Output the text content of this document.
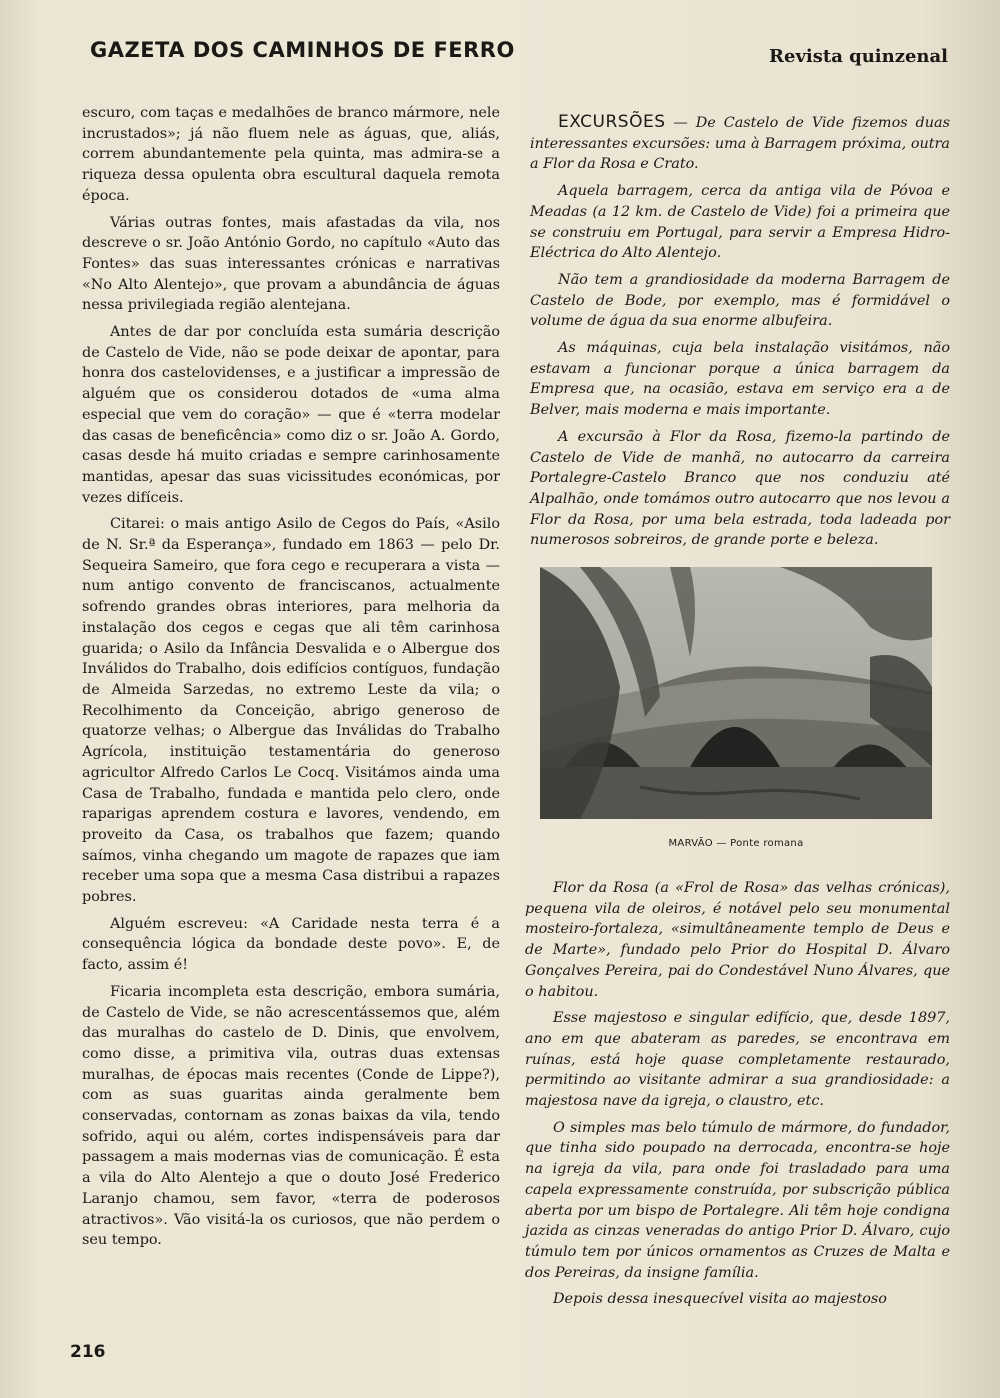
GAZETA DOS CAMINHOS DE FERRO	Revista quinzenal

escuro, com taças e medalhões de branco mármore, nele incrustados»; já não fluem nele as águas, que, aliás, correm abundantemente pela quinta, mas admira-se a riqueza dessa opulenta obra escultural daquela remota época.

Várias outras fontes, mais afastadas da vila, nos descreve o sr. João António Gordo, no capítulo «Auto das Fontes» das suas interessantes crónicas e narrativas «No Alto Alentejo», que provam a abundância de águas nessa privilegiada região alentejana.

Antes de dar por concluída esta sumária descrição de Castelo de Vide, não se pode deixar de apontar, para honra dos castelovidenses, e a justificar a impressão de alguém que os considerou dotados de «uma alma especial que vem do coração» — que é «terra modelar das casas de beneficência» como diz o sr. João A. Gordo, casas desde há muito criadas e sempre carinhosamente mantidas, apesar das suas vicissitudes económicas, por vezes difíceis.

Citarei: o mais antigo Asilo de Cegos do País, «Asilo de N. Sr.ª da Esperança», fundado em 1863 — pelo Dr. Sequeira Sameiro, que fora cego e recuperara a vista — num antigo convento de franciscanos, actualmente sofrendo grandes obras interiores, para melhoria da instalação dos cegos e cegas que ali têm carinhosa guarida; o Asilo da Infância Desvalida e o Albergue dos Inválidos do Trabalho, dois edifícios contíguos, fundação de Almeida Sarzedas, no extremo Leste da vila; o Recolhimento da Conceição, abrigo generoso de quatorze velhas; o Albergue das Inválidas do Trabalho Agrícola, instituição testamentária do generoso agricultor Alfredo Carlos Le Cocq. Visitámos ainda uma Casa de Trabalho, fundada e mantida pelo clero, onde raparigas aprendem costura e lavores, vendendo, em proveito da Casa, os trabalhos que fazem; quando saímos, vinha chegando um magote de rapazes que iam receber uma sopa que a mesma Casa distribui a rapazes pobres.

Alguém escreveu: «A Caridade nesta terra é a consequência lógica da bondade deste povo». E, de facto, assim é!

Ficaria incompleta esta descrição, embora sumária, de Castelo de Vide, se não acrescentássemos que, além das muralhas do castelo de D. Dinis, que envolvem, como disse, a primitiva vila, outras duas extensas muralhas, de épocas mais recentes (Conde de Lippe?), com as suas guaritas ainda geralmente bem conservadas, contornam as zonas baixas da vila, tendo sofrido, aqui ou além, cortes indispensáveis para dar passagem a mais modernas vias de comunicação. É esta a vila do Alto Alentejo a que o douto José Frederico Laranjo chamou, sem favor, «terra de poderosos atractivos». Vão visitá-la os curiosos, que não perdem o seu tempo.

EXCURSÕES — De Castelo de Vide fizemos duas interessantes excursões: uma à Barragem próxima, outra a Flor da Rosa e Crato.

Aquela barragem, cerca da antiga vila de Póvoa e Meadas (a 12 km. de Castelo de Vide) foi a primeira que se construiu em Portugal, para servir a Empresa Hidro-Eléctrica do Alto Alentejo.

Não tem a grandiosidade da moderna Barragem de Castelo de Bode, por exemplo, mas é formidável o volume de água da sua enorme albufeira.

As máquinas, cuja bela instalação visitámos, não estavam a funcionar porque a única barragem da Empresa que, na ocasião, estava em serviço era a de Belver, mais moderna e mais importante.

A excursão à Flor da Rosa, fizemo-la partindo de Castelo de Vide de manhã, no autocarro da carreira Portalegre-Castelo Branco que nos conduziu até Alpalhão, onde tomámos outro autocarro que nos levou a Flor da Rosa, por uma bela estrada, toda ladeada por numerosos sobreiros, de grande porte e beleza.

MARVÃO — Ponte romana

Flor da Rosa (a «Frol de Rosa» das velhas crónicas), pequena vila de oleiros, é notável pelo seu monumental mosteiro-fortaleza, «simultâneamente templo de Deus e de Marte», fundado pelo Prior do Hospital D. Álvaro Gonçalves Pereira, pai do Condestável Nuno Álvares, que o habitou.

Esse majestoso e singular edifício, que, desde 1897, ano em que abateram as paredes, se encontrava em ruínas, está hoje quase completamente restaurado, permitindo ao visitante admirar a sua grandiosidade: a majestosa nave da igreja, o claustro, etc.

O simples mas belo túmulo de mármore, do fundador, que tinha sido poupado na derrocada, encontra-se hoje na igreja da vila, para onde foi trasladado para uma capela expressamente construída, por subscrição pública aberta por um bispo de Portalegre. Ali têm hoje condigna jazida as cinzas veneradas do antigo Prior D. Álvaro, cujo túmulo tem por únicos ornamentos as Cruzes de Malta e dos Pereiras, da insigne família.

Depois dessa inesquecível visita ao majestoso

216
